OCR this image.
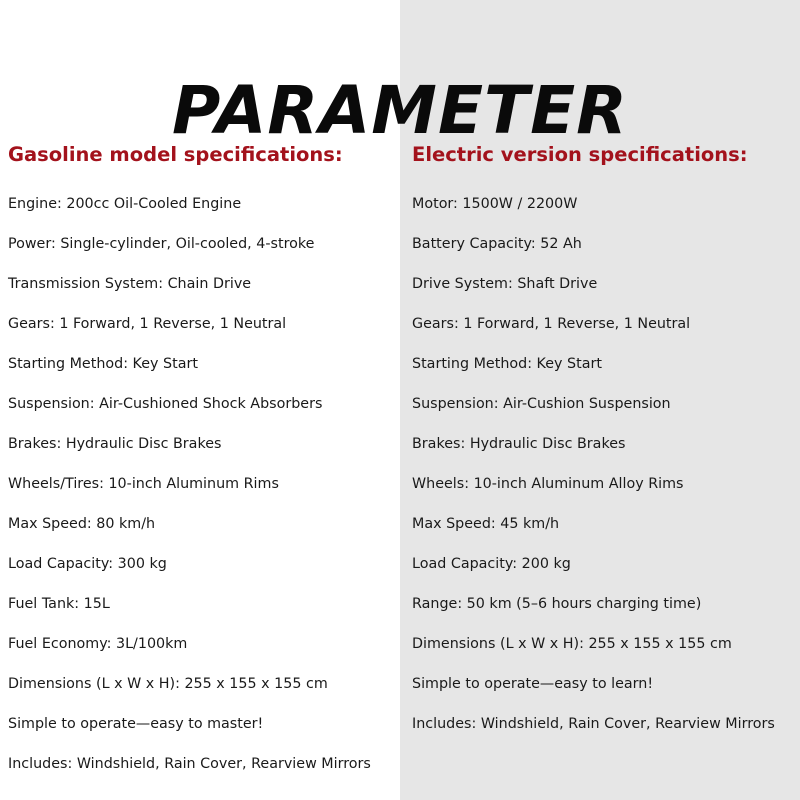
PARAMETER
Gasoline model specifications:
Engine: 200cc Oil-Cooled Engine
Power: Single-cylinder, Oil-cooled, 4-stroke
Transmission System: Chain Drive
Gears: 1 Forward, 1 Reverse, 1 Neutral
Starting Method: Key Start
Suspension: Air-Cushioned Shock Absorbers
Brakes: Hydraulic Disc Brakes
Wheels/Tires: 10-inch Aluminum Rims
Max Speed: 80 km/h
Load Capacity: 300 kg
Fuel Tank: 15L
Fuel Economy: 3L/100km
Dimensions (L x W x H): 255 x 155 x 155 cm
Simple to operate—easy to master!
Includes: Windshield, Rain Cover, Rearview Mirrors
Electric version specifications:
Motor: 1500W / 2200W
Battery Capacity: 52 Ah
Drive System: Shaft Drive
Gears: 1 Forward, 1 Reverse, 1 Neutral
Starting Method: Key Start
Suspension: Air-Cushion Suspension
Brakes: Hydraulic Disc Brakes
Wheels: 10-inch Aluminum Alloy Rims
Max Speed: 45 km/h
Load Capacity: 200 kg
Range: 50 km (5–6 hours charging time)
Dimensions (L x W x H): 255 x 155 x 155 cm
Simple to operate—easy to learn!
Includes: Windshield, Rain Cover, Rearview Mirrors
